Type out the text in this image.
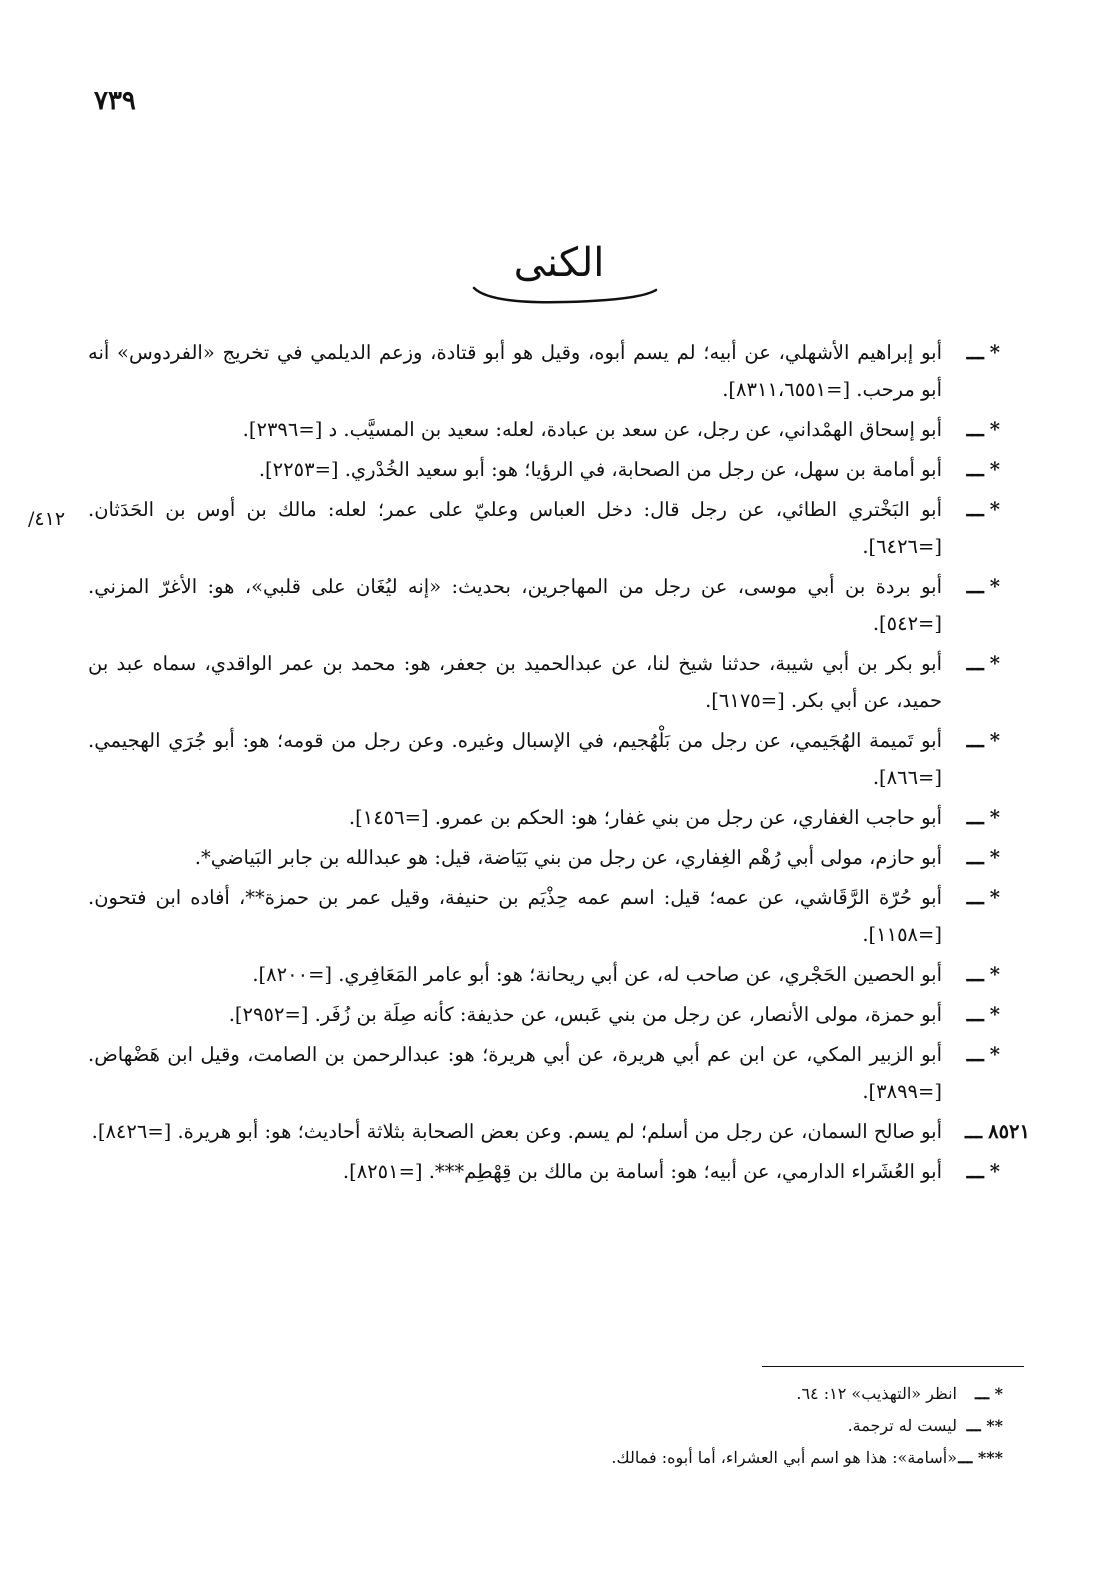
٧٣٩
الكنى
٤١٢/
*ـــ
أبو إبراهيم الأشهلي، عن أبيه؛ لم يسم أبوه، وقيل هو أبو قتادة، وزعم الديلمي في تخريج «الفردوس» أنه أبو مرحب. [=٨٣١١،٦٥٥١].
*ـــ
أبو إسحاق الهمْداني، عن رجل، عن سعد بن عبادة، لعله: سعيد بن المسيَّب. د [=٢٣٩٦].
*ـــ
أبو أمامة بن سهل، عن رجل من الصحابة، في الرؤيا؛ هو: أبو سعيد الخُدْري. [=٢٢٥٣].
*ـــ
أبو البَخْتري الطائي، عن رجل قال: دخل العباس وعليّ على عمر؛ لعله: مالك بن أوس بن الحَدَثان. [=٦٤٢٦].
*ـــ
أبو بردة بن أبي موسى، عن رجل من المهاجرين، بحديث: «إنه ليُغَان على قلبي»، هو: الأغرّ المزني. [=٥٤٢].
*ـــ
أبو بكر بن أبي شيبة، حدثنا شيخ لنا، عن عبدالحميد بن جعفر، هو: محمد بن عمر الواقدي، سماه عبد بن حميد، عن أبي بكر. [=٦١٧٥].
*ـــ
أبو تَميمة الهُجَيمي، عن رجل من بَلْهُجيم، في الإسبال وغيره. وعن رجل من قومه؛ هو: أبو جُرَي الهجيمي. [=٨٦٦].
*ـــ
أبو حاجب الغفاري، عن رجل من بني غفار؛ هو: الحكم بن عمرو. [=١٤٥٦].
*ـــ
أبو حازم، مولى أبي رُهْم الغِفاري، عن رجل من بني بَيَاضة، قيل: هو عبدالله بن جابر البَياضي*.
*ـــ
أبو حُرّة الرَّقَاشي، عن عمه؛ قيل: اسم عمه حِذْيَم بن حنيفة، وقيل عمر بن حمزة**، أفاده ابن فتحون. [=١١٥٨].
*ـــ
أبو الحصين الحَجْري، عن صاحب له، عن أبي ريحانة؛ هو: أبو عامر المَعَافِري. [=٨٢٠٠].
*ـــ
أبو حمزة، مولى الأنصار، عن رجل من بني عَبس، عن حذيفة: كأنه صِلَة بن زُفَر. [=٢٩٥٢].
*ـــ
أبو الزبير المكي، عن ابن عم أبي هريرة، عن أبي هريرة؛ هو: عبدالرحمن بن الصامت، وقيل ابن هَضْهاض. [=٣٨٩٩].
٨٥٢١ـــ
أبو صالح السمان، عن رجل من أسلم؛ لم يسم. وعن بعض الصحابة بثلاثة أحاديث؛ هو: أبو هريرة. [=٨٤٢٦].
*ـــ
أبو العُشَراء الدارمي، عن أبيه؛ هو: أسامة بن مالك بن قِهْطِم***. [=٨٢٥١].
* ـــ
انظر «التهذيب» ١٢: ٦٤.
** ـــ
ليست له ترجمة.
*** ـــ
«أسامة»: هذا هو اسم أبي العشراء، أما أبوه: فمالك.
